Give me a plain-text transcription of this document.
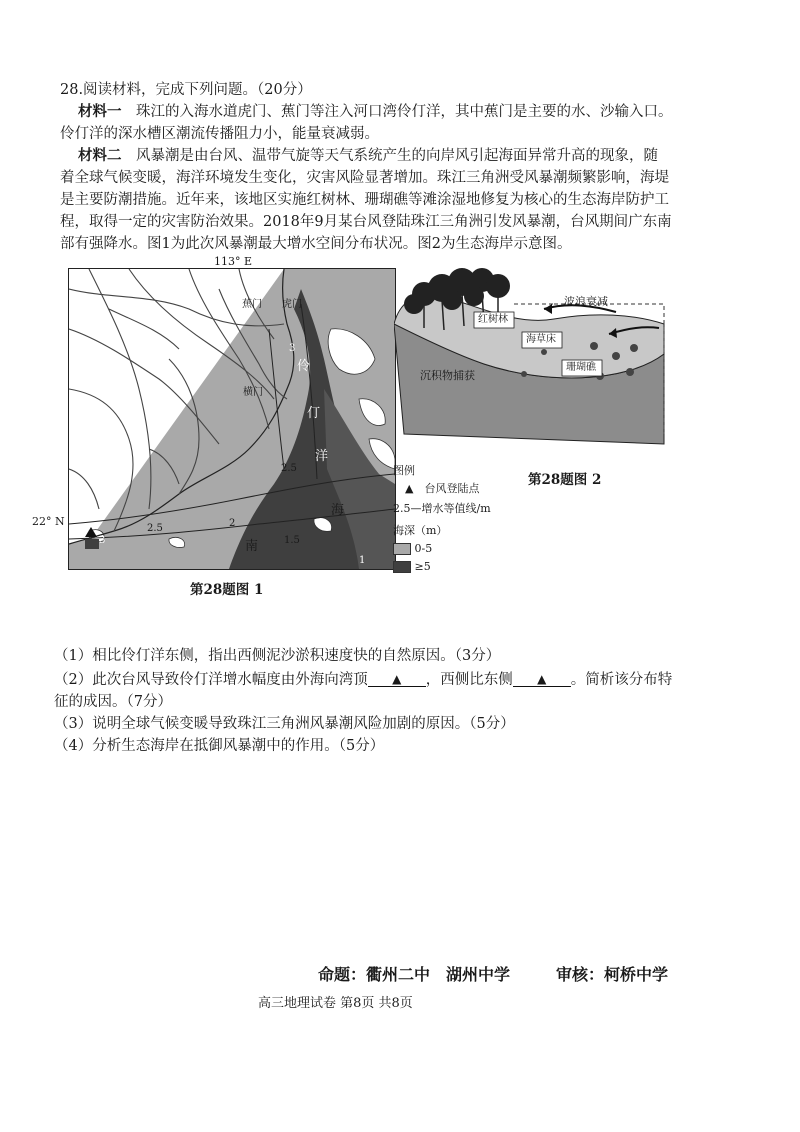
28.阅读材料，完成下列问题。（20分）
材料一　 珠江的入海水道虎门、蕉门等注入河口湾伶仃洋，其中蕉门是主要的水、沙输入口。
伶仃洋的深水槽区潮流传播阻力小，能量衰减弱。
材料二　 风暴潮是由台风、温带气旋等天气系统产生的向岸风引起海面异常升高的现象，随
着全球气候变暖，海洋环境发生变化，灾害风险显著增加。珠江三角洲受风暴潮频繁影响，海堤
是主要防潮措施。近年来，该地区实施红树林、珊瑚礁等滩涂湿地修复为核心的生态海岸防护工
程，取得一定的灾害防治效果。2018年9月某台风登陆珠江三角洲引发风暴潮，台风期间广东南
部有强降水。图1为此次风暴潮最大增水空间分布状况。图2为生态海岸示意图。
113° E
22° N
3
2.5
2
1.5
2.5
1
3
蕉门 虎门
横门
伶
仃
洋
南
海
图例
▲　 台风登陆点
2.5—增水等值线/m
海深（m）
0-5
≥5
第28题图 1
波浪衰减
红树林
海草床
珊瑚礁
沉积物捕获
第28题图 2
（1）相比伶仃洋东侧，指出西侧泥沙淤积速度快的自然原因。（3分）
（2）此次台风导致伶仃洋增水幅度由外海向湾顶 ▲ ，西侧比东侧 ▲ 。简析该分布特
征的成因。（7分）
（3）说明全球气候变暖导致珠江三角洲风暴潮风险加剧的原因。（5分）
（4）分析生态海岸在抵御风暴潮中的作用。（5分）
命题：衢州二中　湖州中学	审核：柯桥中学
高三地理试卷 第8页 共8页
